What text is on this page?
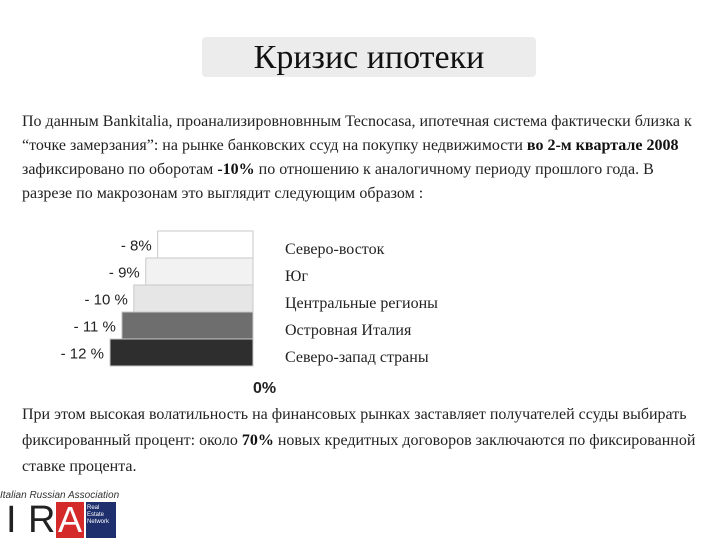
Кризис ипотеки

По данным Bankitalia, проанализировновнным Tecnocasa, ипотечная система фактически близка к “точке замерзания”: на рынке банковских ссуд на покупку недвижимости во 2-м квартале 2008 зафиксировано по оборотам -10% по отношению к аналогичному периоду прошлого года. В разрезе по макрозонам это выглядит следующим образом :

- 8%	Северо-восток
- 9%	Юг
- 10 %	Центральные регионы
- 11 %	Островная Италия
- 12 %	Северо-запад страны
0%

При этом высокая волатильность на финансовых рынках заставляет получателей ссуды выбирать фиксированный процент: около 70% новых кредитных договоров заключаются по фиксированной ставке процента.

Italian Russian Association
I R A Real Estate Network
